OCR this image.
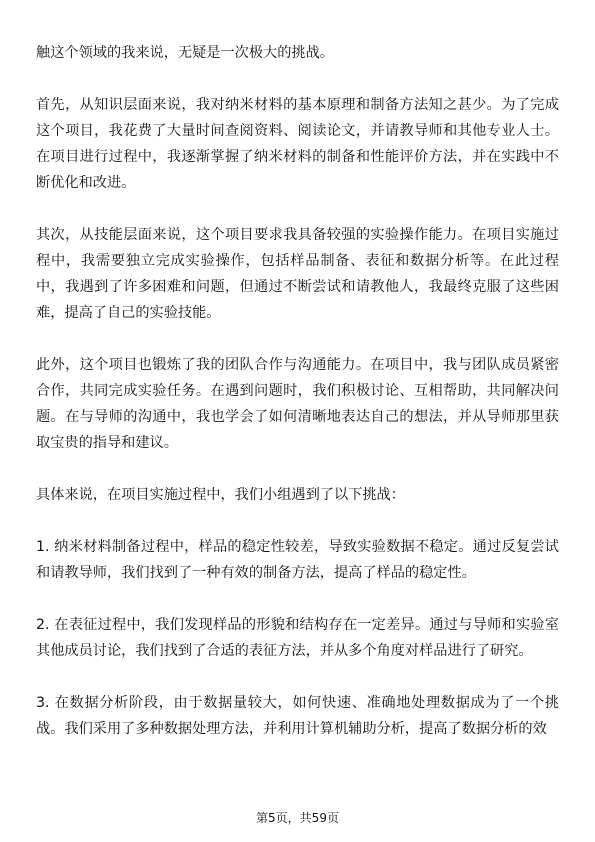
触这个领域的我来说，无疑是一次极大的挑战。

首先，从知识层面来说，我对纳米材料的基本原理和制备方法知之甚少。为了完成这个项目，我花费了大量时间查阅资料、阅读论文，并请教导师和其他专业人士。在项目进行过程中，我逐渐掌握了纳米材料的制备和性能评价方法，并在实践中不断优化和改进。

其次，从技能层面来说，这个项目要求我具备较强的实验操作能力。在项目实施过程中，我需要独立完成实验操作，包括样品制备、表征和数据分析等。在此过程中，我遇到了许多困难和问题，但通过不断尝试和请教他人，我最终克服了这些困难，提高了自己的实验技能。

此外，这个项目也锻炼了我的团队合作与沟通能力。在项目中，我与团队成员紧密合作，共同完成实验任务。在遇到问题时，我们积极讨论、互相帮助，共同解决问题。在与导师的沟通中，我也学会了如何清晰地表达自己的想法，并从导师那里获取宝贵的指导和建议。

具体来说，在项目实施过程中，我们小组遇到了以下挑战：

1. 纳米材料制备过程中，样品的稳定性较差，导致实验数据不稳定。通过反复尝试和请教导师，我们找到了一种有效的制备方法，提高了样品的稳定性。

2. 在表征过程中，我们发现样品的形貌和结构存在一定差异。通过与导师和实验室其他成员讨论，我们找到了合适的表征方法，并从多个角度对样品进行了研究。

3. 在数据分析阶段，由于数据量较大，如何快速、准确地处理数据成为了一个挑战。我们采用了多种数据处理方法，并利用计算机辅助分析，提高了数据分析的效

第5页，共59页
